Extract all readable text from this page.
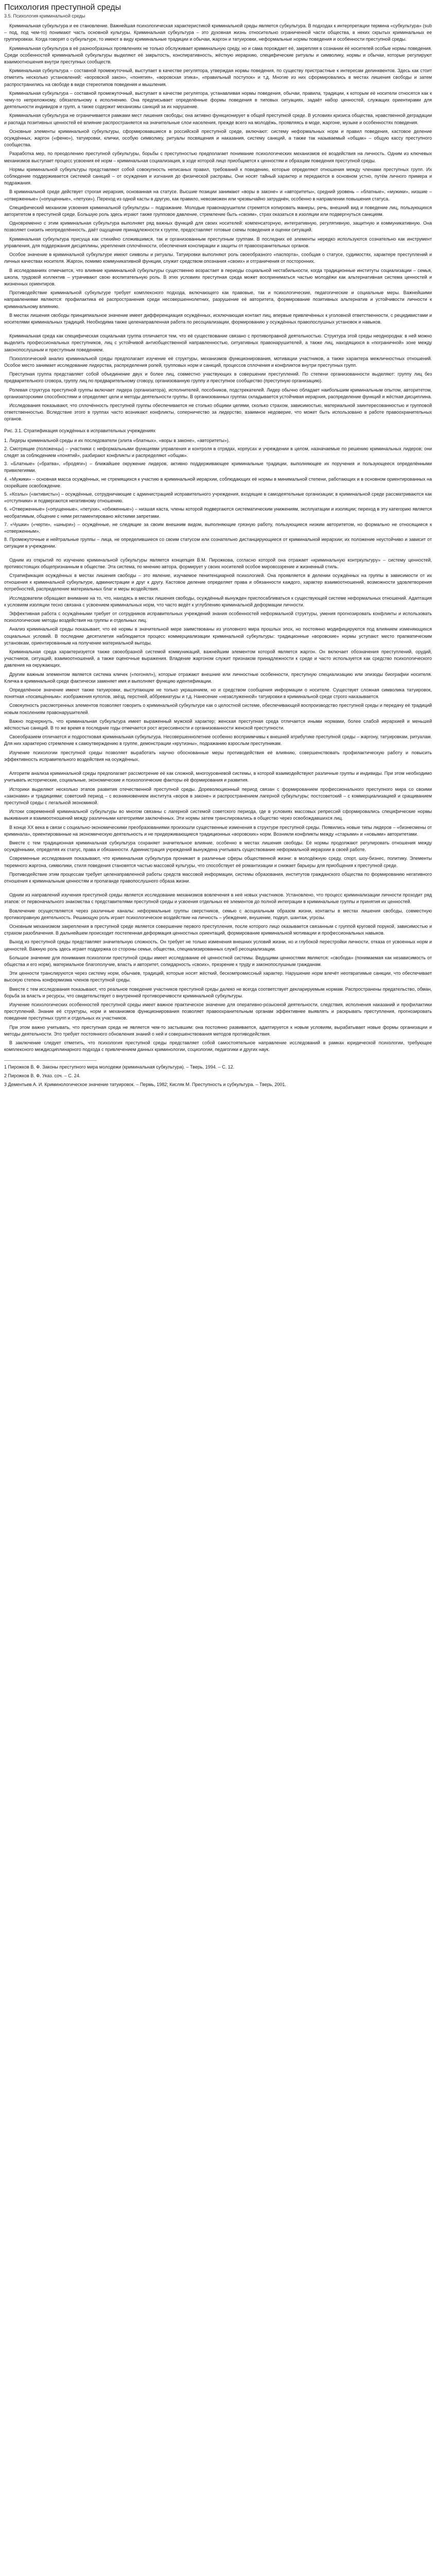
Психология преступной среды
3.5. Психология криминальной среды

Криминальная субкультура и ее становление. Важнейшая психологическая характеристикой криминальной среды является субкультура. В подходах к интерпретации термина «субкультура» (sub – под, под чем-то) понимают часть основной культуры. Криминальная субкультура – это духовная жизнь относительно ограниченной части общества, в неких скрытых криминальных ее группировках. Когда говорят о субкультуре, то имеют в виду криминальные традиции и обычаи, жаргон и татуировки, неформальные нормы поведения и особенности преступной среды.

Криминальная субкультура в её разнообразных проявлениях не только обслуживает криминальную среду, но и сама порождает её, закрепляя в сознании её носителей особые нормы поведения. Среди особенностей криминальной субкультуры выделяют её закрытость, конспиративность, жёсткую иерархию, специфические ритуалы и символику, нормы и обычаи, которые регулируют взаимоотношения внутри преступных сообществ.

Криминальная субкультура – составной промежуточный, выступает в качестве регулятора, утверждая нормы поведения, по существу пристрастные к интересам делинквентов. Здесь как стоит отметить несколько установлений: «воровской закон», «понятия», «воровская этика», «правильный поступок» и т.д. Многие из них сформировались в местах лишения свободы и затем распространились на свободе в виде стереотипов поведения и мышления.

Криминальная субкультура – составной промежуточный, выступает в качестве регулятора, устанавливая нормы поведения, обычаи, правила, традиции, к которым её носители относятся как к чему-то непреложному, обязательному к исполнению. Она предписывает определённые формы поведения в типовых ситуациях, задаёт набор ценностей, служащих ориентирами для деятельности индивидов и групп, а также содержит механизмы санкций за их нарушение.

Криминальная субкультура не ограничивается рамками мест лишения свободы; она активно функционирует в общей преступной среде. В условиях кризиса общества, нравственной деградации и распада позитивных ценностей её влияние распространяется на значительные слои населения, прежде всего на молодёжь, проявляясь в моде, жаргоне, музыке и особенностях поведения.

Основные элементы криминальной субкультуры, сформировавшиеся в российской преступной среде, включают: систему неформальных норм и правил поведения, кастовое деление осуждённых, жаргон («феню»), татуировки, клички, особую символику, ритуалы посвящения и наказания, систему санкций, а также так называемый «общак» – общую кассу преступного сообщества.

Разработка мер, по преодолению преступной субкультуры, борьбы с преступностью предполагает понимание психологических механизмов её воздействия на личность. Одним из ключевых механизмов выступает процесс усвоения её норм – криминальная социализация, в ходе которой лицо приобщается к ценностям и образцам поведения преступной среды.

Нормы криминальной субкультуры представляют собой совокупность неписаных правил, требований к поведению, которые определяют отношения между членами преступных групп. Их соблюдение поддерживается системой санкций – от осуждения и изгнания до физической расправы. Они носят тайный характер и передаются в основном устно, путём личного примера и подражания.

В криминальной среде действует строгая иерархия, основанная на статусе. Высшие позиции занимают «воры в законе» и «авторитеты», средний уровень – «блатные», «мужики», низшие – «отверженные» («опущенные», «петухи»). Переход из одной касты в другую, как правило, невозможен или чрезвычайно затруднён, особенно в направлении повышения статуса.

Специфический механизм усвоения криминальной субкультуры – подражание. Молодые правонарушители стремятся копировать манеры, речь, внешний вид и поведение лиц, пользующихся авторитетом в преступной среде. Большую роль здесь играют также групповое давление, стремление быть «своим», страх оказаться в изоляции или подвергнуться санкциям.

Одновременно с этим криминальная субкультура выполняет ряд важных функций для своих носителей: компенсаторную, интегративную, регулятивную, защитную и коммуникативную. Она позволяет снизить неопределённость, даёт ощущение принадлежности к группе, предоставляет готовые схемы поведения и оценки ситуаций.

Криминальная субкультура присуща как стихийно сложившимся, так и организованным преступным группам. В последних её элементы нередко используются сознательно как инструмент управления, для поддержания дисциплины, укрепления сплочённости, обеспечения конспирации и защиты от правоохранительных органов.

Особое значение в криминальной субкультуре имеют символы и ритуалы. Татуировки выполняют роль своеобразного «паспорта», сообщая о статусе, судимостях, характере преступлений и личных качествах носителя. Жаргон, помимо коммуникативной функции, служит средством опознания «своих» и отграничения от посторонних.

В исследованиях отмечается, что влияние криминальной субкультуры существенно возрастает в периоды социальной нестабильности, когда традиционные институты социализации – семья, школа, трудовой коллектив – утрачивают свою воспитательную роль. В этих условиях преступная среда может восприниматься частью молодёжи как альтернативная система ценностей и жизненных ориентиров.

Противодействие криминальной субкультуре требует комплексного подхода, включающего как правовые, так и психологические, педагогические и социальные меры. Важнейшими направлениями являются: профилактика её распространения среди несовершеннолетних, разрушение её авторитета, формирование позитивных альтернатив и устойчивости личности к криминальному влиянию.

В местах лишения свободы принципиальное значение имеет дифференциация осуждённых, исключающая контакт лиц, впервые привлечённых к уголовной ответственности, с рецидивистами и носителями криминальных традиций. Необходима также целенаправленная работа по ресоциализации, формированию у осуждённых правопослушных установок и навыков.

Криминальная среда как специфическая социальная группа отличается тем, что её существование связано с противоправной деятельностью. Структура этой среды неоднородна: в ней можно выделить профессиональных преступников, лиц с устойчивой антиобщественной направленностью, ситуативных правонарушителей, а также лиц, находящихся в «пограничной» зоне между законопослушным и преступным поведением.

Психологический анализ криминальной среды предполагает изучение её структуры, механизмов функционирования, мотивации участников, а также характера межличностных отношений. Особое место занимает исследование лидерства, распределения ролей, групповых норм и санкций, процессов сплочения и конфликтов внутри преступных групп.

Преступная группа представляет собой объединение двух и более лиц, совместно участвующих в совершении преступлений. По степени организованности выделяют: группу лиц без предварительного сговора, группу лиц по предварительному сговору, организованную группу и преступное сообщество (преступную организацию).

Ролевая структура преступной группы включает лидера (организатора), исполнителей, пособников, подстрекателей. Лидер обычно обладает наибольшим криминальным опытом, авторитетом, организаторскими способностями и определяет цели и методы деятельности группы. В организованных группах складывается устойчивая иерархия, распределение функций и жёсткая дисциплина.

Исследования показывают, что сплочённость преступной группы обеспечивается не столько общими целями, сколько страхом, зависимостью, материальной заинтересованностью и групповой ответственностью. Вследствие этого в группах часто возникают конфликты, соперничество за лидерство, взаимное недоверие, что может быть использовано в работе правоохранительных органов.

Рис. 3.1. Стратификация осуждённых в исправительных учреждениях
1. Лидеры криминальной среды и их последователи (элита «блатных», «воры в законе», «авторитеты»).
2. Смотрящие (положенцы) – участники с неформальными функциями управления и контроля в отрядах, корпусах и учреждении в целом, назначаемые по решению криминальных лидеров; они следят за соблюдением «понятий», разбирают конфликты и распределяют «общак».
3. «Блатные» («братва», «бродяги») – ближайшее окружение лидеров, активно поддерживающее криминальные традиции, выполняющее их поручения и пользующееся определёнными привилегиями.
4. «Мужики» – основная масса осуждённых, не стремящихся к участию в криминальной иерархии, соблюдающих её нормы в минимальной степени, работающих и в основном ориентированных на скорейшее освобождение.
5. «Козлы» («активисты») – осуждённые, сотрудничающие с администрацией исправительного учреждения, входящие в самодеятельные организации; в криминальной среде рассматриваются как «отступники» и подвергаются негативному отношению.
6. «Отверженные» («опущенные», «петухи», «обиженные») – низшая каста, члены которой подвергаются систематическим унижениям, эксплуатации и изоляции; переход в эту категорию является необратимым, общение с ними регламентировано жёсткими запретами.
7. «Чушки» («черти», «шныри») – осуждённые, не следящие за своим внешним видом, выполняющие грязную работу, пользующиеся низким авторитетом, но формально не относящиеся к «отверженным».
8. Промежуточные и нейтральные группы – лица, не определившиеся со своим статусом или сознательно дистанцирующиеся от криминальной иерархии; их положение неустойчиво и зависит от ситуации в учреждении.

Одним из открытий по изучению криминальной субкультуры является концепция В.М. Пирожкова, согласно которой она отражает «криминальную контркультуру» – систему ценностей, противостоящих общепризнанным в обществе. Эта система, по мнению автора, формирует у своих носителей особое мировоззрение и жизненный стиль.

Стратификация осуждённых в местах лишения свободы – это явление, изучаемое пенитенциарной психологией. Она проявляется в делении осуждённых на группы в зависимости от их отношения к криминальной субкультуре, администрации и друг к другу. Кастовое деление определяет права и обязанности каждого, характер взаимоотношений, возможности удовлетворения потребностей, распределение материальных благ и меры воздействия.

Исследователи обращают внимание на то, что, находясь в местах лишения свободы, осуждённый вынужден приспосабливаться к существующей системе неформальных отношений. Адаптация к условиям изоляции тесно связана с усвоением криминальных норм, что часто ведёт к углублению криминальной деформации личности.

Эффективная работа с осуждёнными требует от сотрудников исправительных учреждений знания особенностей неформальной структуры, умения прогнозировать конфликты и использовать психологические методы воздействия на группы и отдельных лиц.

Анализ криминальной среды показывает, что её нормы в значительной мере заимствованы из уголовного мира прошлых эпох, но постоянно модифицируются под влиянием изменяющихся социальных условий. В последние десятилетия наблюдается процесс коммерциализации криминальной субкультуры: традиционные «воровские» нормы уступают место прагматическим установкам, ориентированным на получение материальной выгоды.

Криминальная среда характеризуется также своеобразной системой коммуникаций, важнейшим элементом которой является жаргон. Он включает обозначения преступлений, орудий, участников, ситуаций, взаимоотношений, а также оценочные выражения. Владение жаргоном служит признаком принадлежности к среде и часто используется как средство психологического давления на окружающих.

Другим важным элементом является система кличек («погонял»), которые отражают внешние или личностные особенности, преступную специализацию или эпизоды биографии носителя. Кличка в криминальной среде фактически заменяет имя и выполняет функцию идентификации.

Определённое значение имеют также татуировки, выступающие не только украшением, но и средством сообщения информации о носителе. Существует сложная символика татуировок, понятная «посвящённым»: изображения куполов, звёзд, перстней, аббревиатуры и т.д. Нанесение «незаслуженной» татуировки в криминальной среде строго наказывается.

Совокупность рассмотренных элементов позволяет говорить о криминальной субкультуре как о целостной системе, обеспечивающей воспроизводство преступной среды и передачу её традиций новым поколениям правонарушителей.

Важно подчеркнуть, что криминальная субкультура имеет выраженный мужской характер; женская преступная среда отличается иными нормами, более слабой иерархией и меньшей жёсткостью санкций. В то же время в последние годы отмечается рост агрессивности и организованности женской преступности.

Своеобразием отличается и подростковая криминальная субкультура. Несовершеннолетние особенно восприимчивы к внешней атрибутике преступной среды – жаргону, татуировкам, ритуалам. Для них характерно стремление к самоутверждению в группе, демонстрации «крутизны», подражанию взрослым преступникам.

Изучение психологии преступной среды позволяет выработать научно обоснованные меры противодействия её влиянию, совершенствовать профилактическую работу и повысить эффективность исправительного воздействия на осуждённых.

Алгоритм анализа криминальной среды предполагает рассмотрение её как сложной, многоуровневой системы, в которой взаимодействуют различные группы и индивиды. При этом необходимо учитывать исторические, социальные, экономические и психологические факторы её формирования и развития.

Историки выделяют несколько этапов развития отечественной преступной среды. Дореволюционный период связан с формированием профессионального преступного мира со своими «законами» и традициями; советский период – с возникновением института «воров в законе» и распространением лагерной субкультуры; постсоветский – с коммерциализацией и сращиванием преступной среды с легальной экономикой.

Истоки современной криминальной субкультуры во многом связаны с лагерной системой советского периода, где в условиях массовых репрессий сформировались специфические нормы выживания и взаимоотношений между различными категориями заключённых. Эти нормы затем транслировались в общество через освобождавшихся лиц.

В конце XX века в связи с социально-экономическими преобразованиями произошли существенные изменения в структуре преступной среды. Появились новые типы лидеров – «бизнесмены от криминала», ориентированные на экономическую деятельность и не придерживающиеся традиционных «воровских» норм. Возникли конфликты между «старыми» и «новыми» авторитетами.

Вместе с тем традиционная криминальная субкультура сохраняет значительное влияние, особенно в местах лишения свободы. Её нормы продолжают регулировать отношения между осуждёнными, определяя их статус, права и обязанности. Администрация учреждений вынуждена учитывать существование неформальной иерархии в своей работе.

Современные исследования показывают, что криминальная субкультура проникает в различные сферы общественной жизни: в молодёжную среду, спорт, шоу-бизнес, политику. Элементы тюремного жаргона, символики, стиля поведения становятся частью массовой культуры, что способствует её романтизации и снижает барьеры для приобщения к преступной среде.

Противодействие этим процессам требует целенаправленной работы средств массовой информации, системы образования, институтов гражданского общества по формированию негативного отношения к криминальным ценностям и пропаганде правопослушного образа жизни.

Одним из направлений изучения преступной среды является исследование механизмов вовлечения в неё новых участников. Установлено, что процесс криминализации личности проходит ряд этапов: от первоначального знакомства с представителями преступной среды и усвоения отдельных её элементов до полной интеграции в криминальные группы и принятия их ценностей.

Вовлечение осуществляется через различные каналы: неформальные группы сверстников, семью с асоциальным образом жизни, контакты в местах лишения свободы, совместную противоправную деятельность. Решающую роль играет психологическое воздействие на личность – убеждение, внушение, подкуп, шантаж, угрозы.

Основным механизмом закрепления в преступной среде является совершение первого преступления, после которого лицо оказывается связанным с группой круговой порукой, зависимостью и страхом разоблачения. В дальнейшем происходит постепенная деформация ценностных ориентаций, формирование криминальной мотивации и профессиональных навыков.

Выход из преступной среды представляет значительную сложность. Он требует не только изменения внешних условий жизни, но и глубокой перестройки личности, отказа от усвоенных норм и ценностей. Важную роль здесь играет поддержка со стороны семьи, общества, специализированных служб ресоциализации.

Большое значение для понимания психологии преступной среды имеет исследование её ценностной системы. Ведущими ценностями являются: «свобода» (понимаемая как независимость от общества и его норм), материальное благополучие, власть и авторитет, солидарность «своих», презрение к труду и законопослушным гражданам.

Эти ценности транслируются через систему норм, обычаев, традиций, которые носят жёсткий, бескомпромиссный характер. Нарушение норм влечёт неотвратимые санкции, что обеспечивает высокую степень конформизма членов преступной среды.

Вместе с тем исследования показывают, что реальное поведение участников преступной среды далеко не всегда соответствует декларируемым нормам. Распространены предательство, обман, борьба за власть и ресурсы, что свидетельствует о внутренней противоречивости криминальной субкультуры.

Изучение психологических особенностей преступной среды имеет важное практическое значение для оперативно-розыскной деятельности, следствия, исполнения наказаний и профилактики преступлений. Знание её структуры, норм и механизмов функционирования позволяет правоохранительным органам эффективнее выявлять и раскрывать преступления, прогнозировать поведение преступных групп и отдельных их участников.

При этом важно учитывать, что преступная среда не является чем-то застывшим: она постоянно развивается, адаптируется к новым условиям, вырабатывает новые формы организации и методы деятельности. Это требует постоянного обновления знаний о ней и совершенствования методов противодействия.

В заключение следует отметить, что психология преступной среды представляет собой самостоятельное направление исследований в рамках юридической психологии, требующее комплексного междисциплинарного подхода с привлечением данных криминологии, социологии, педагогики и других наук.

1 Пирожков В. Ф. Законы преступного мира молодежи (криминальная субкультура). – Тверь, 1994. – С. 12.

2 Пирожков В. Ф. Указ. соч. – С. 24.

3 Дементьев А. И. Криминологическое значение татуировок. – Пермь, 1982; Кисляк М. Преступность и субкультура. – Тверь, 2001.
